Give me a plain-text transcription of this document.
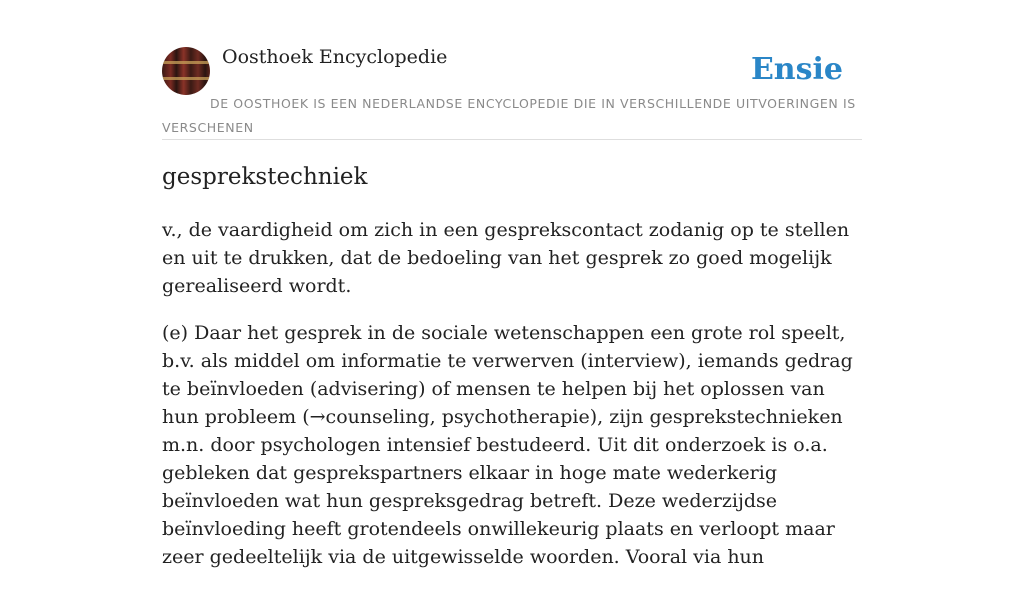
Oosthoek Encyclopedie	Ensie
DE OOSTHOEK IS EEN NEDERLANDSE ENCYCLOPEDIE DIE IN VERSCHILLENDE UITVOERINGEN IS VERSCHENEN
gesprekstechniek

v., de vaardigheid om zich in een gesprekscontact zodanig op te stellen en uit te drukken, dat de bedoeling van het gesprek zo goed mogelijk gerealiseerd wordt.

(e) Daar het gesprek in de sociale wetenschappen een grote rol speelt, b.v. als middel om informatie te verwerven (interview), iemands gedrag te beïnvloeden (advisering) of mensen te helpen bij het oplossen van hun probleem (→counseling, psychotherapie), zijn gesprekstechnieken m.n. door psychologen intensief bestudeerd. Uit dit onderzoek is o.a. gebleken dat gesprekspartners elkaar in hoge mate wederkerig beïnvloeden wat hun gespreksgedrag betreft. Deze wederzijdse beïnvloeding heeft grotendeels onwillekeurig plaats en verloopt maar zeer gedeeltelijk via de uitgewisselde woorden. Vooral via hun
